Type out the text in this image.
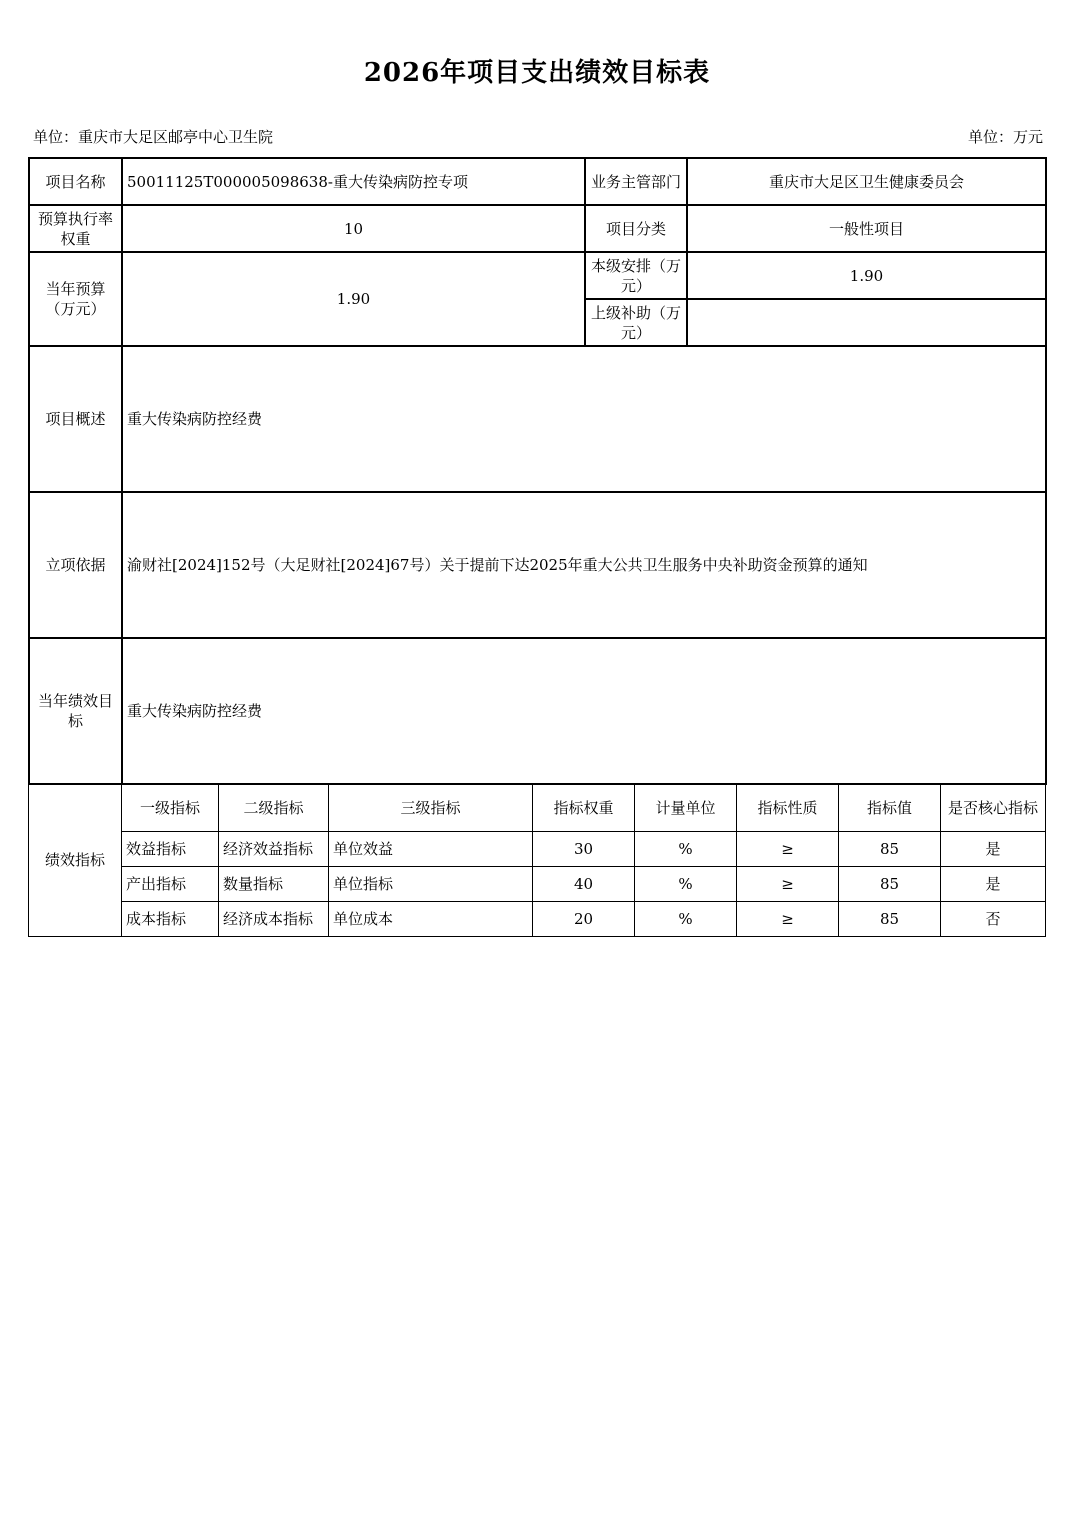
2026年项目支出绩效目标表
单位：重庆市大足区邮亭中心卫生院	单位：万元
项目名称	50011125T000005098638-重大传染病防控专项	业务主管部门	重庆市大足区卫生健康委员会
预算执行率权重	10	项目分类	一般性项目
当年预算（万元）	1.90	本级安排（万元）	1.90
		上级补助（万元）	
项目概述	重大传染病防控经费		
立项依据	渝财社[2024]152号（大足财社[2024]67号）关于提前下达2025年重大公共卫生服务中央补助资金预算的通知		
当年绩效目标	重大传染病防控经费		
绩效指标	一级指标	二级指标	三级指标	指标权重	计量单位	指标性质	指标值	是否核心指标
	效益指标	经济效益指标	单位效益	30	%	≥	85	是
	产出指标	数量指标	单位指标	40	%	≥	85	是
	成本指标	经济成本指标	单位成本	20	%	≥	85	否
